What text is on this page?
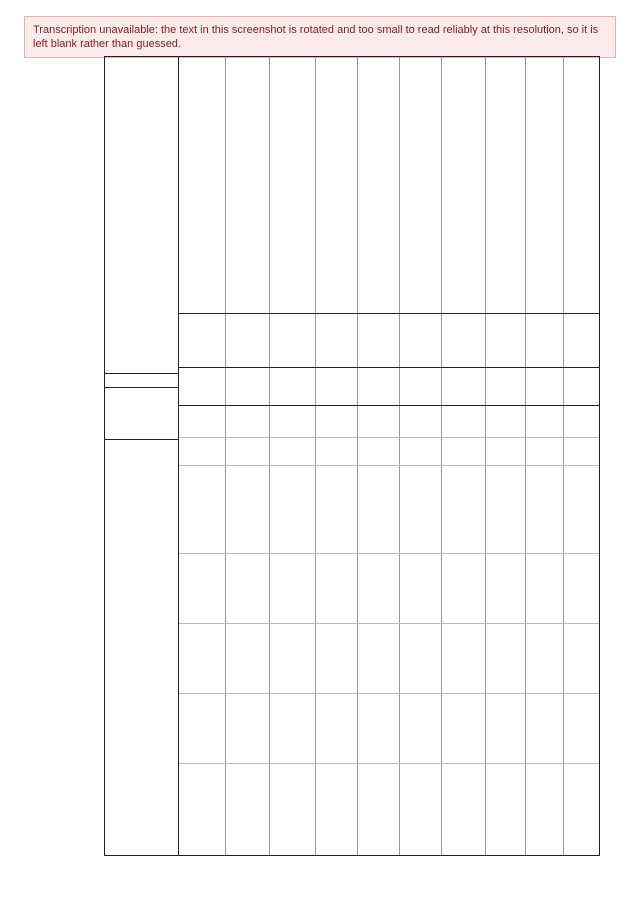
Transcription unavailable: the text in this screenshot is rotated and too small to read reliably at this resolution, so it is left blank rather than guessed.
